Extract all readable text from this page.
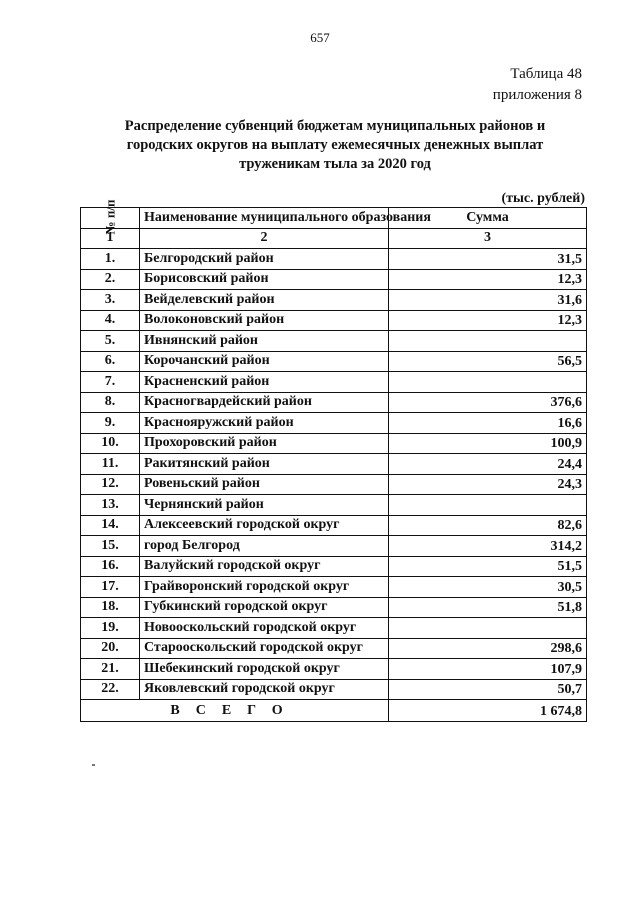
657
Таблица 48
приложения 8
Распределение субвенций бюджетам муниципальных районов и
городских округов на выплату ежемесячных денежных выплат
труженикам тыла за 2020 год
(тыс. рублей)
№ п/п	Наименование муниципального образования	Сумма
1	2	3
1.	Белгородский район	31,5
2.	Борисовский район	12,3
3.	Вейделевский район	31,6
4.	Волоконовский район	12,3
5.	Ивнянский район	
6.	Корочанский район	56,5
7.	Красненский район	
8.	Красногвардейский район	376,6
9.	Краснояружский район	16,6
10.	Прохоровский район	100,9
11.	Ракитянский район	24,4
12.	Ровеньский район	24,3
13.	Чернянский район	
14.	Алексеевский городской округ	82,6
15.	город Белгород	314,2
16.	Валуйский городской округ	51,5
17.	Грайворонский городской округ	30,5
18.	Губкинский городской округ	51,8
19.	Новооскольский городской округ	
20.	Старооскольский городской округ	298,6
21.	Шебекинский городской округ	107,9
22.	Яковлевский городской округ	50,7
ВСЕГО		1 674,8
